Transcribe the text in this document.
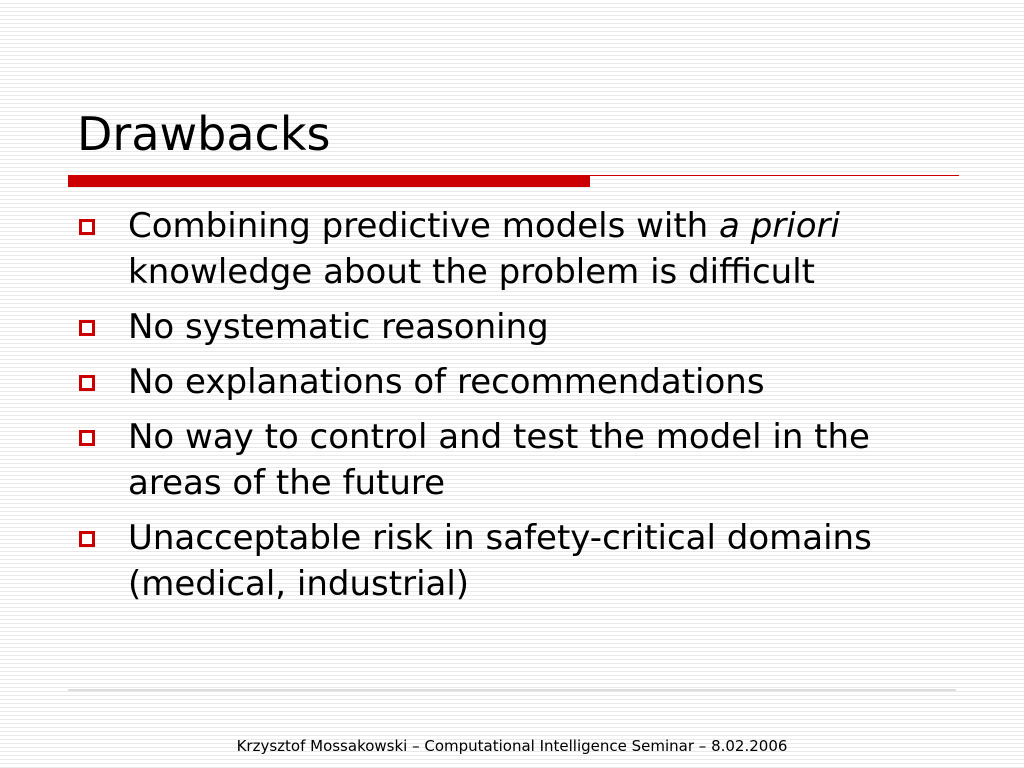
Drawbacks
Combining predictive models with a priori knowledge about the problem is difficult
No systematic reasoning
No explanations of recommendations
No way to control and test the model in the areas of the future
Unacceptable risk in safety-critical domains (medical, industrial)
Krzysztof Mossakowski – Computational Intelligence Seminar – 8.02.2006
